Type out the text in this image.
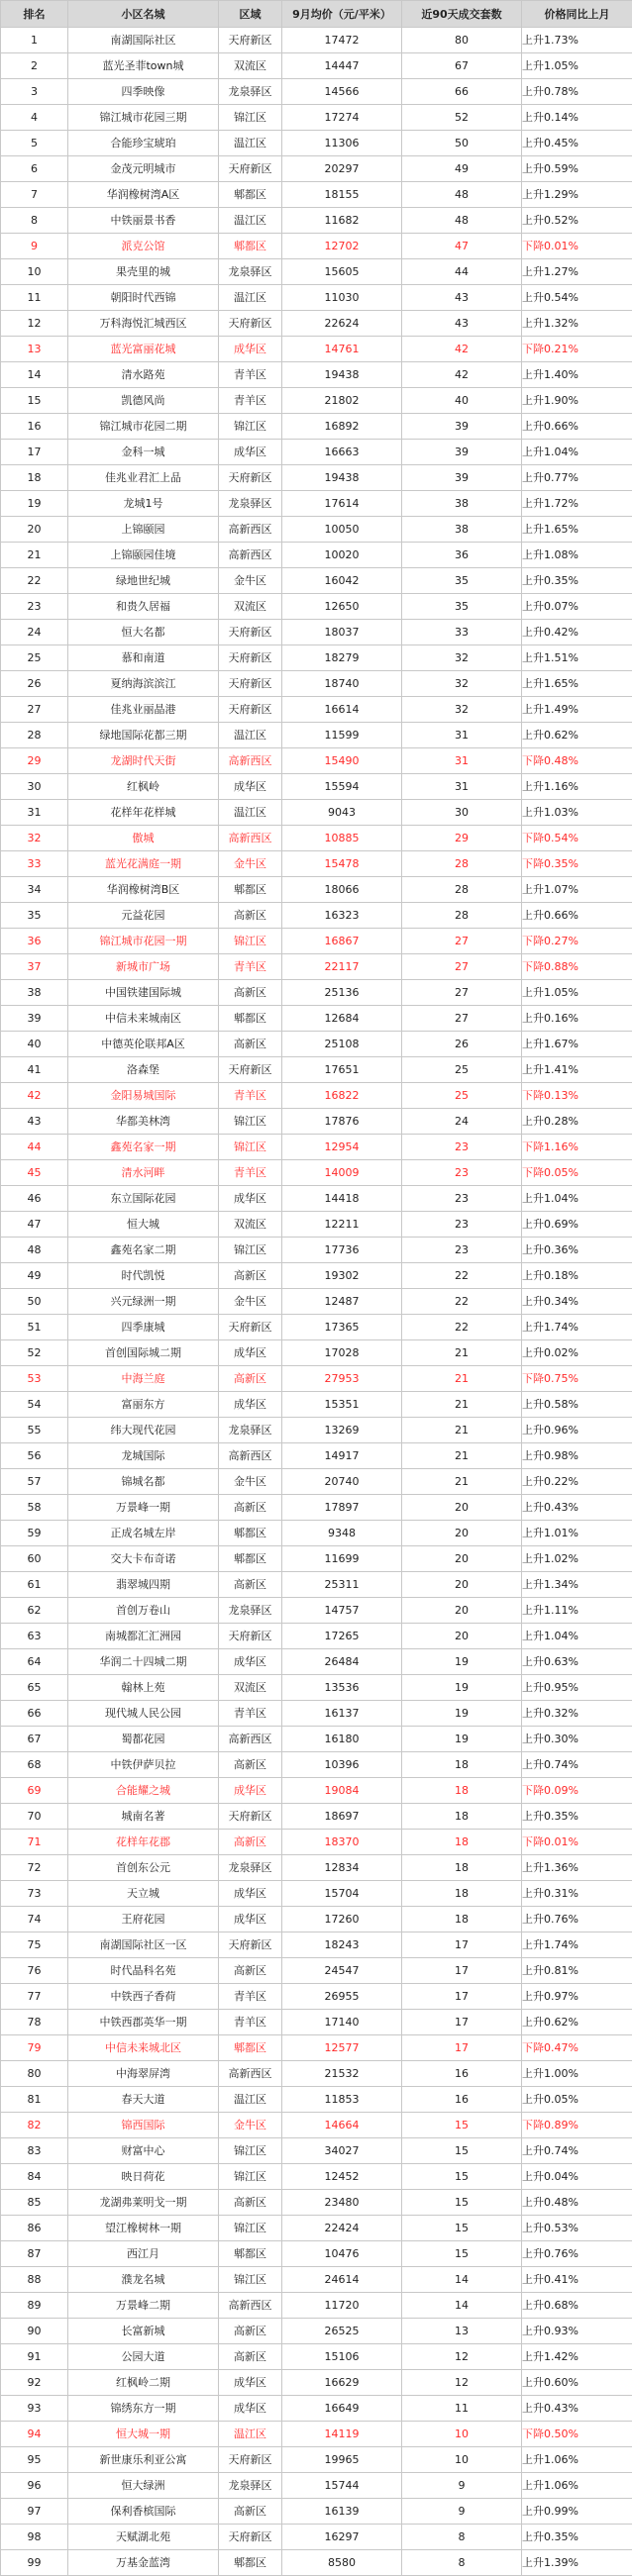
排名	小区名城	区域	9月均价（元/平米）	近90天成交套数	价格同比上月
1	南湖国际社区	天府新区	17472	80	上升1.73%
2	蓝光圣菲town城	双流区	14447	67	上升1.05%
3	四季映像	龙泉驿区	14566	66	上升0.78%
4	锦江城市花园三期	锦江区	17274	52	上升0.14%
5	合能珍宝琥珀	温江区	11306	50	上升0.45%
6	金茂元明城市	天府新区	20297	49	上升0.59%
7	华润橡树湾A区	郫都区	18155	48	上升1.29%
8	中铁丽景书香	温江区	11682	48	上升0.52%
9	派克公馆	郫都区	12702	47	下降0.01%
10	果壳里的城	龙泉驿区	15605	44	上升1.27%
11	朝阳时代西锦	温江区	11030	43	上升0.54%
12	万科海悦汇城西区	天府新区	22624	43	上升1.32%
13	蓝光富丽花城	成华区	14761	42	下降0.21%
14	清水路苑	青羊区	19438	42	上升1.40%
15	凯德风尚	青羊区	21802	40	上升1.90%
16	锦江城市花园二期	锦江区	16892	39	上升0.66%
17	金科一城	成华区	16663	39	上升1.04%
18	佳兆业君汇上品	天府新区	19438	39	上升0.77%
19	龙城1号	龙泉驿区	17614	38	上升1.72%
20	上锦颐园	高新西区	10050	38	上升1.65%
21	上锦颐园佳境	高新西区	10020	36	上升1.08%
22	绿地世纪城	金牛区	16042	35	上升0.35%
23	和贵久居福	双流区	12650	35	上升0.07%
24	恒大名都	天府新区	18037	33	上升0.42%
25	慕和南道	天府新区	18279	32	上升1.51%
26	夏纳海滨滨江	天府新区	18740	32	上升1.65%
27	佳兆业丽晶港	天府新区	16614	32	上升1.49%
28	绿地国际花都三期	温江区	11599	31	上升0.62%
29	龙湖时代天街	高新西区	15490	31	下降0.48%
30	红枫岭	成华区	15594	31	上升1.16%
31	花样年花样城	温江区	9043	30	上升1.03%
32	傲城	高新西区	10885	29	下降0.54%
33	蓝光花满庭一期	金牛区	15478	28	下降0.35%
34	华润橡树湾B区	郫都区	18066	28	上升1.07%
35	元益花园	高新区	16323	28	上升0.66%
36	锦江城市花园一期	锦江区	16867	27	下降0.27%
37	新城市广场	青羊区	22117	27	下降0.88%
38	中国铁建国际城	高新区	25136	27	上升1.05%
39	中信未来城南区	郫都区	12684	27	上升0.16%
40	中德英伦联邦A区	高新区	25108	26	上升1.67%
41	洛森堡	天府新区	17651	25	上升1.41%
42	金阳易城国际	青羊区	16822	25	下降0.13%
43	华都美林湾	锦江区	17876	24	上升0.28%
44	鑫苑名家一期	锦江区	12954	23	下降1.16%
45	清水河畔	青羊区	14009	23	下降0.05%
46	东立国际花园	成华区	14418	23	上升1.04%
47	恒大城	双流区	12211	23	上升0.69%
48	鑫苑名家二期	锦江区	17736	23	上升0.36%
49	时代凯悦	高新区	19302	22	上升0.18%
50	兴元绿洲一期	金牛区	12487	22	上升0.34%
51	四季康城	天府新区	17365	22	上升1.74%
52	首创国际城二期	成华区	17028	21	上升0.02%
53	中海兰庭	高新区	27953	21	下降0.75%
54	富丽东方	成华区	15351	21	上升0.58%
55	纬大现代花园	龙泉驿区	13269	21	上升0.96%
56	龙城国际	高新西区	14917	21	上升0.98%
57	锦城名都	金牛区	20740	21	上升0.22%
58	万景峰一期	高新区	17897	20	上升0.43%
59	正成名城左岸	郫都区	9348	20	上升1.01%
60	交大卡布奇诺	郫都区	11699	20	上升1.02%
61	翡翠城四期	高新区	25311	20	上升1.34%
62	首创万卷山	龙泉驿区	14757	20	上升1.11%
63	南城都汇汇洲园	天府新区	17265	20	上升1.04%
64	华润二十四城二期	成华区	26484	19	上升0.63%
65	翰林上苑	双流区	13536	19	上升0.95%
66	现代城人民公园	青羊区	16137	19	上升0.32%
67	蜀都花园	高新西区	16180	19	上升0.30%
68	中铁伊萨贝拉	高新区	10396	18	上升0.74%
69	合能耀之城	成华区	19084	18	下降0.09%
70	城南名著	天府新区	18697	18	上升0.35%
71	花样年花郡	高新区	18370	18	下降0.01%
72	首创东公元	龙泉驿区	12834	18	上升1.36%
73	天立城	成华区	15704	18	上升0.31%
74	王府花园	成华区	17260	18	上升0.76%
75	南湖国际社区一区	天府新区	18243	17	上升1.74%
76	时代晶科名苑	高新区	24547	17	上升0.81%
77	中铁西子香荷	青羊区	26955	17	上升0.97%
78	中铁西郡英华一期	青羊区	17140	17	上升0.62%
79	中信未来城北区	郫都区	12577	17	下降0.47%
80	中海翠屏湾	高新西区	21532	16	上升1.00%
81	春天大道	温江区	11853	16	上升0.05%
82	锦西国际	金牛区	14664	15	下降0.89%
83	财富中心	锦江区	34027	15	上升0.74%
84	映日荷花	锦江区	12452	15	上升0.04%
85	龙湖弗莱明戈一期	高新区	23480	15	上升0.48%
86	望江橡树林一期	锦江区	22424	15	上升0.53%
87	西江月	郫都区	10476	15	上升0.76%
88	濮龙名城	锦江区	24614	14	上升0.41%
89	万景峰二期	高新西区	11720	14	上升0.68%
90	长富新城	高新区	26525	13	上升0.93%
91	公园大道	高新区	15106	12	上升1.42%
92	红枫岭二期	成华区	16629	12	上升0.60%
93	锦绣东方一期	成华区	16649	11	上升0.43%
94	恒大城一期	温江区	14119	10	下降0.50%
95	新世康乐利亚公寓	天府新区	19965	10	上升1.06%
96	恒大绿洲	龙泉驿区	15744	9	上升1.06%
97	保利香槟国际	高新区	16139	9	上升0.99%
98	天赋湖北苑	天府新区	16297	8	上升0.35%
99	万基金蓝湾	郫都区	8580	8	上升1.39%
